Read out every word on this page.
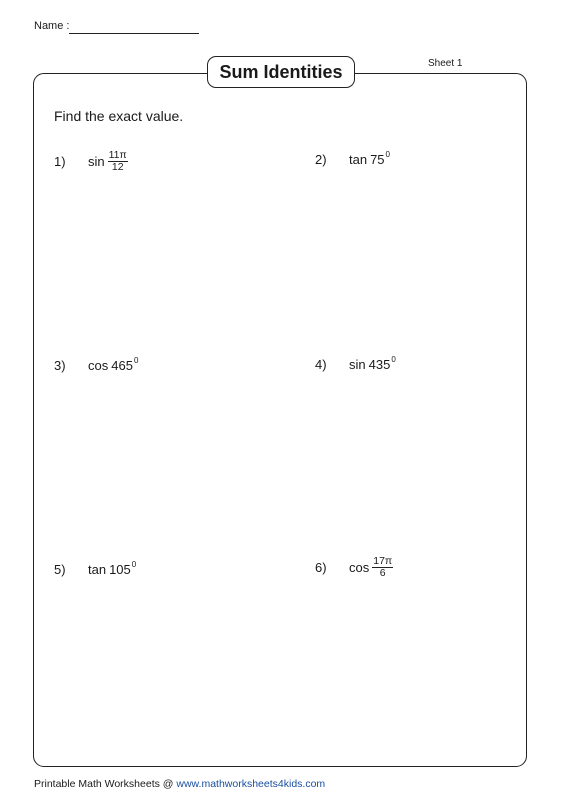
Name :
Sheet 1
Sum Identities
Find the exact value.
1)	$\sin \frac{11\pi}{12}$	2)	tan 75 0
3)	cos 465 0	4)	sin 435 0
5)	tan 105 0	6)	$\cos \frac{17\pi}{6}$
Printable Math Worksheets @ www.mathworksheets4kids.com
